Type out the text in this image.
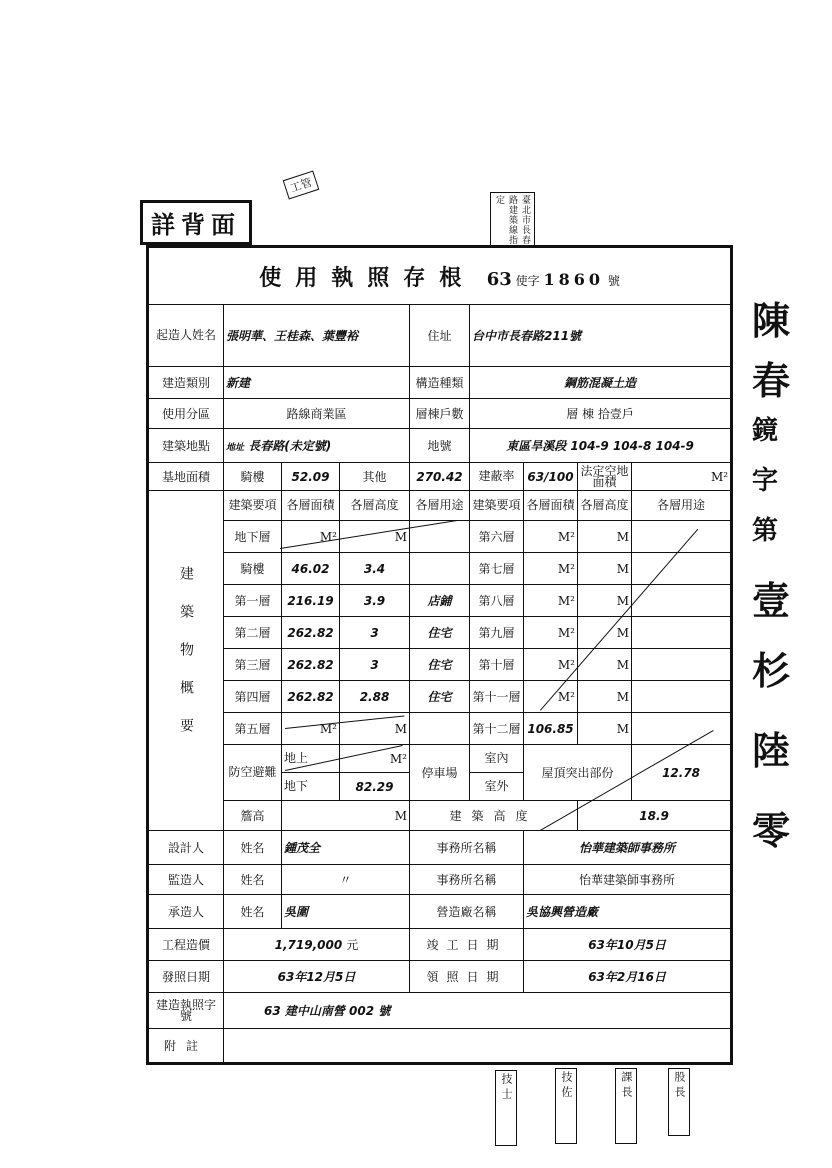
詳背面
工管
臺北市長春路建築線指定
使用執照存根 63 使字 1860 號								
起造人姓名	張明華、王桂森、葉豐裕			住址	台中市長春路211號			
建造類別	新建			構造種類	鋼筋混凝土造			
使用分區	路線商業區			層棟戶數	層 棟 拾壹戶			
建築地點	地址 長春路(未定號)			地號	東區旱溪段 104-9 104-8 104-9			
基地面積	騎樓	52.09	其他	270.42	建蔽率	63/100	法定空地面積	M²
建築物概要	建築要項	各層面積	各層高度	各層用途	建築要項	各層面積	各層高度	各層用途
	地下層	M²	M		第六層	M²	M	
	騎樓	46.02	3.4		第七層	M²	M	
	第一層	216.19	3.9	店鋪	第八層	M²	M	
	第二層	262.82	3	住宅	第九層	M²	M	
	第三層	262.82	3	住宅	第十層	M²	M	
	第四層	262.82	2.88	住宅	第十一層	M²	M	
	第五層	M²	M		第十二層	106.85	M	
	防空避難	地上	M²	停車場	室內	屋頂突出部份		12.78
		地下	82.29		室外			
	簷高	M		建築高度			18.9	
設計人	姓名	鍾茂全		事務所名稱		怡華建築師事務所		
監造人	姓名	〃		事務所名稱		怡華建築師事務所		
承造人	姓名	吳圍		營造廠名稱		吳協興營造廠		
工程造價	1,719,000 元			竣工日期		63年10月5日		
發照日期	63年12月5日			領照日期		63年2月16日		
建造執照字號	63 建中山南營 002 號							
附註								
陳
春
鏡
字
第
壹
杉
陸
零
技士	技佐	課長	股長
